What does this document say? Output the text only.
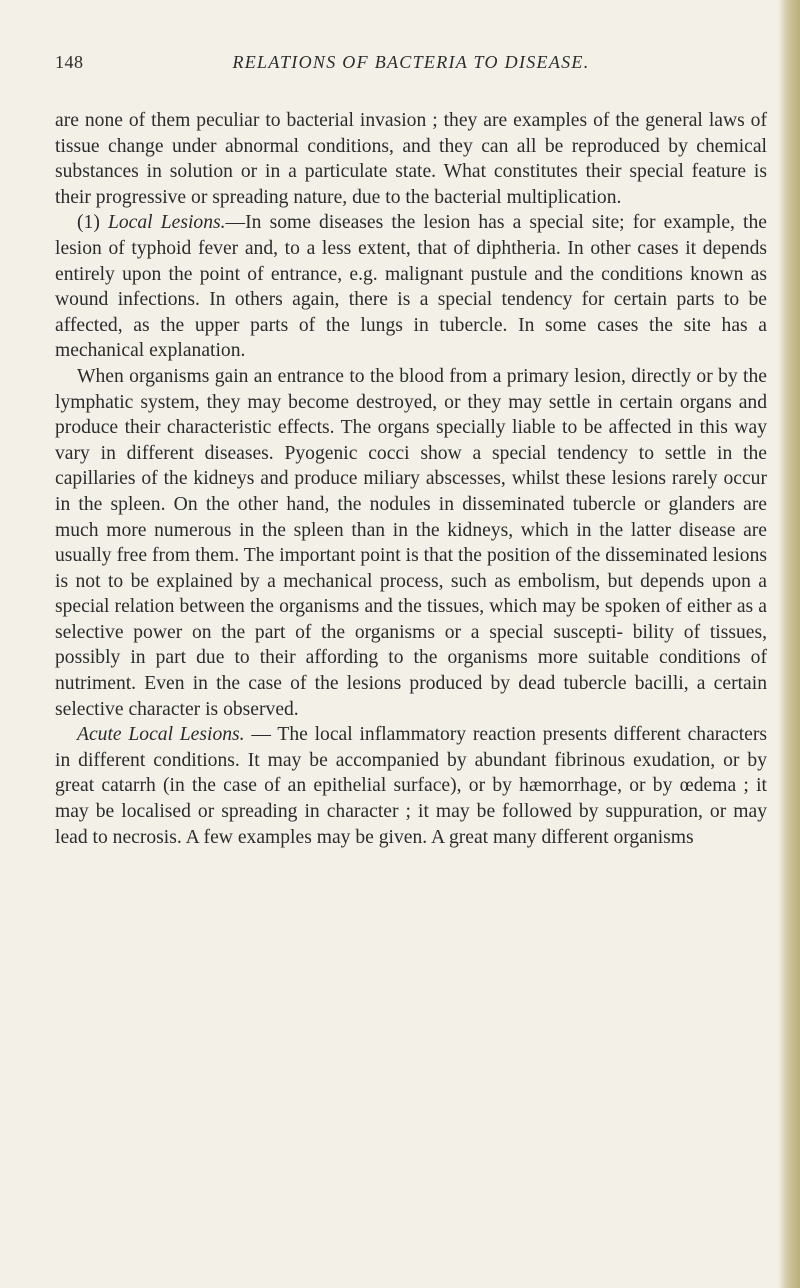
148	RELATIONS OF BACTERIA TO DISEASE.

are none of them peculiar to bacterial invasion ; they are examples of the general laws of tissue change under abnormal conditions, and they can all be reproduced by chemical substances in solution or in a particulate state. What constitutes their special feature is their progressive or spreading nature, due to the bacterial multiplication.

(1) Local Lesions.—In some diseases the lesion has a special site; for example, the lesion of typhoid fever and, to a less extent, that of diphtheria. In other cases it depends entirely upon the point of entrance, e.g. malignant pustule and the conditions known as wound infections. In others again, there is a special tendency for certain parts to be affected, as the upper parts of the lungs in tubercle. In some cases the site has a mechanical explanation.

When organisms gain an entrance to the blood from a primary lesion, directly or by the lymphatic system, they may become destroyed, or they may settle in certain organs and produce their characteristic effects. The organs specially liable to be affected in this way vary in different diseases. Pyogenic cocci show a special tendency to settle in the capillaries of the kidneys and produce miliary abscesses, whilst these lesions rarely occur in the spleen. On the other hand, the nodules in disseminated tubercle or glanders are much more numerous in the spleen than in the kidneys, which in the latter disease are usually free from them. The important point is that the position of the disseminated lesions is not to be explained by a mechanical process, such as embolism, but depends upon a special relation between the organisms and the tissues, which may be spoken of either as a selective power on the part of the organisms or a special suscepti- bility of tissues, possibly in part due to their affording to the organisms more suitable conditions of nutriment. Even in the case of the lesions produced by dead tubercle bacilli, a certain selective character is observed.

Acute Local Lesions. — The local inflammatory reaction presents different characters in different conditions. It may be accompanied by abundant fibrinous exudation, or by great catarrh (in the case of an epithelial surface), or by hæmorrhage, or by œdema ; it may be localised or spreading in character ; it may be followed by suppuration, or may lead to necrosis. A few examples may be given. A great many different organisms
